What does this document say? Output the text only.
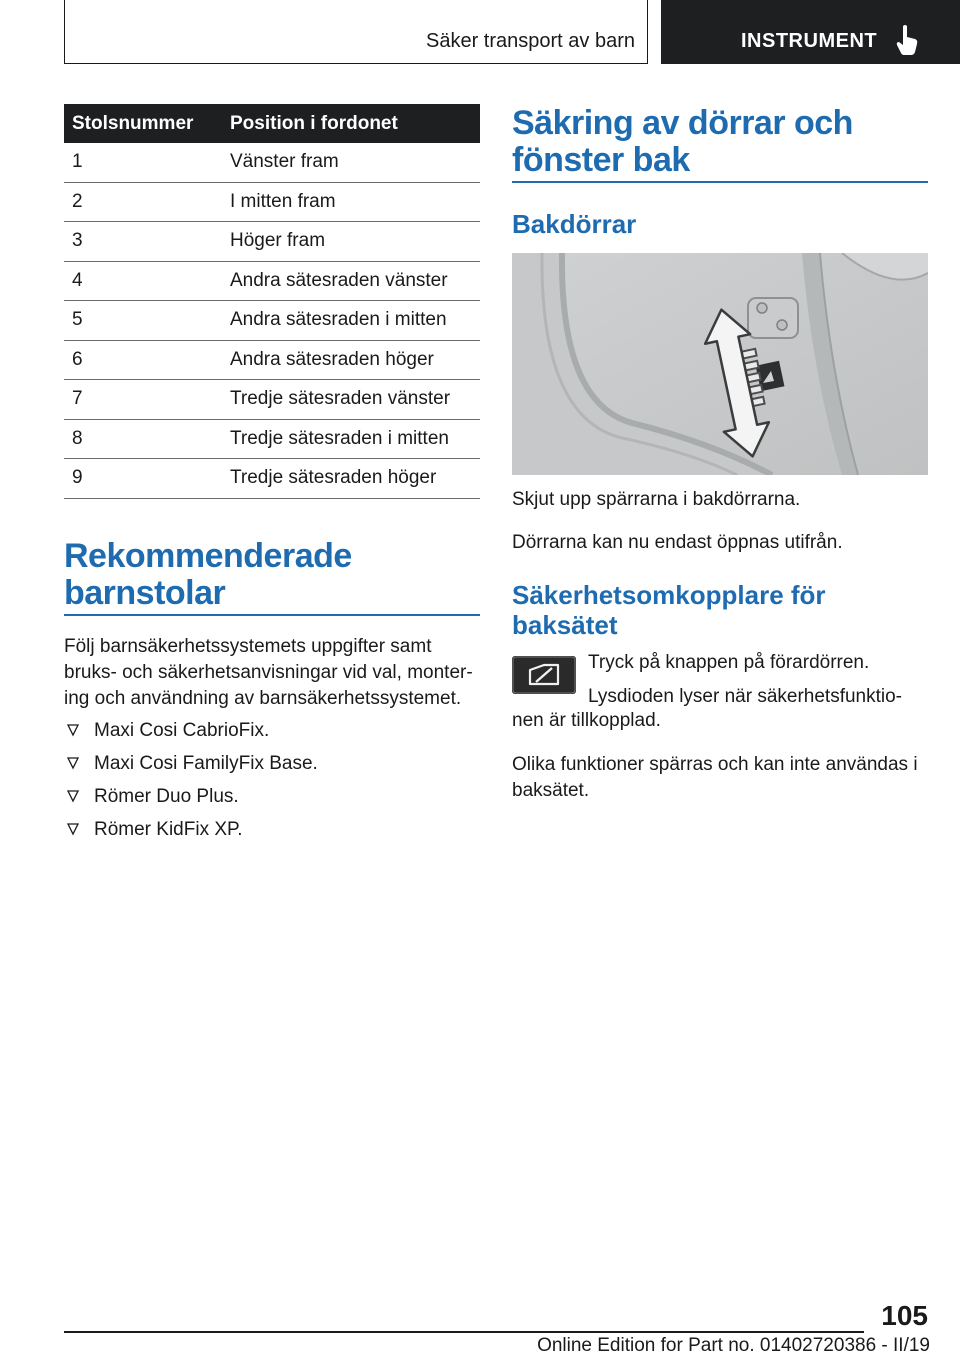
Säker transport av barn	INSTRUMENT
Stolsnummer	Position i fordonet
1	Vänster fram
2	I mitten fram
3	Höger fram
4	Andra sätesraden vänster
5	Andra sätesraden i mitten
6	Andra sätesraden höger
7	Tredje sätesraden vänster
8	Tredje sätesraden i mitten
9	Tredje sätesraden höger
Rekommenderade
barnstolar
Följ barnsäkerhetssystemets uppgifter samt
bruks- och säkerhetsanvisningar vid val, monter-
ing och användning av barnsäkerhetssystemet.
Maxi Cosi CabrioFix.
Maxi Cosi FamilyFix Base.
Römer Duo Plus.
Römer KidFix XP.
Säkring av dörrar och
fönster bak
Bakdörrar
Skjut upp spärrarna i bakdörrarna.
Dörrarna kan nu endast öppnas utifrån.
Säkerhetsomkopplare för
baksätet
Tryck på knappen på förardörren.
Lysdioden lyser när säkerhetsfunktio-
nen är tillkopplad.
Olika funktioner spärras och kan inte användas i
baksätet.
105
Online Edition for Part no. 01402720386 - II/19
